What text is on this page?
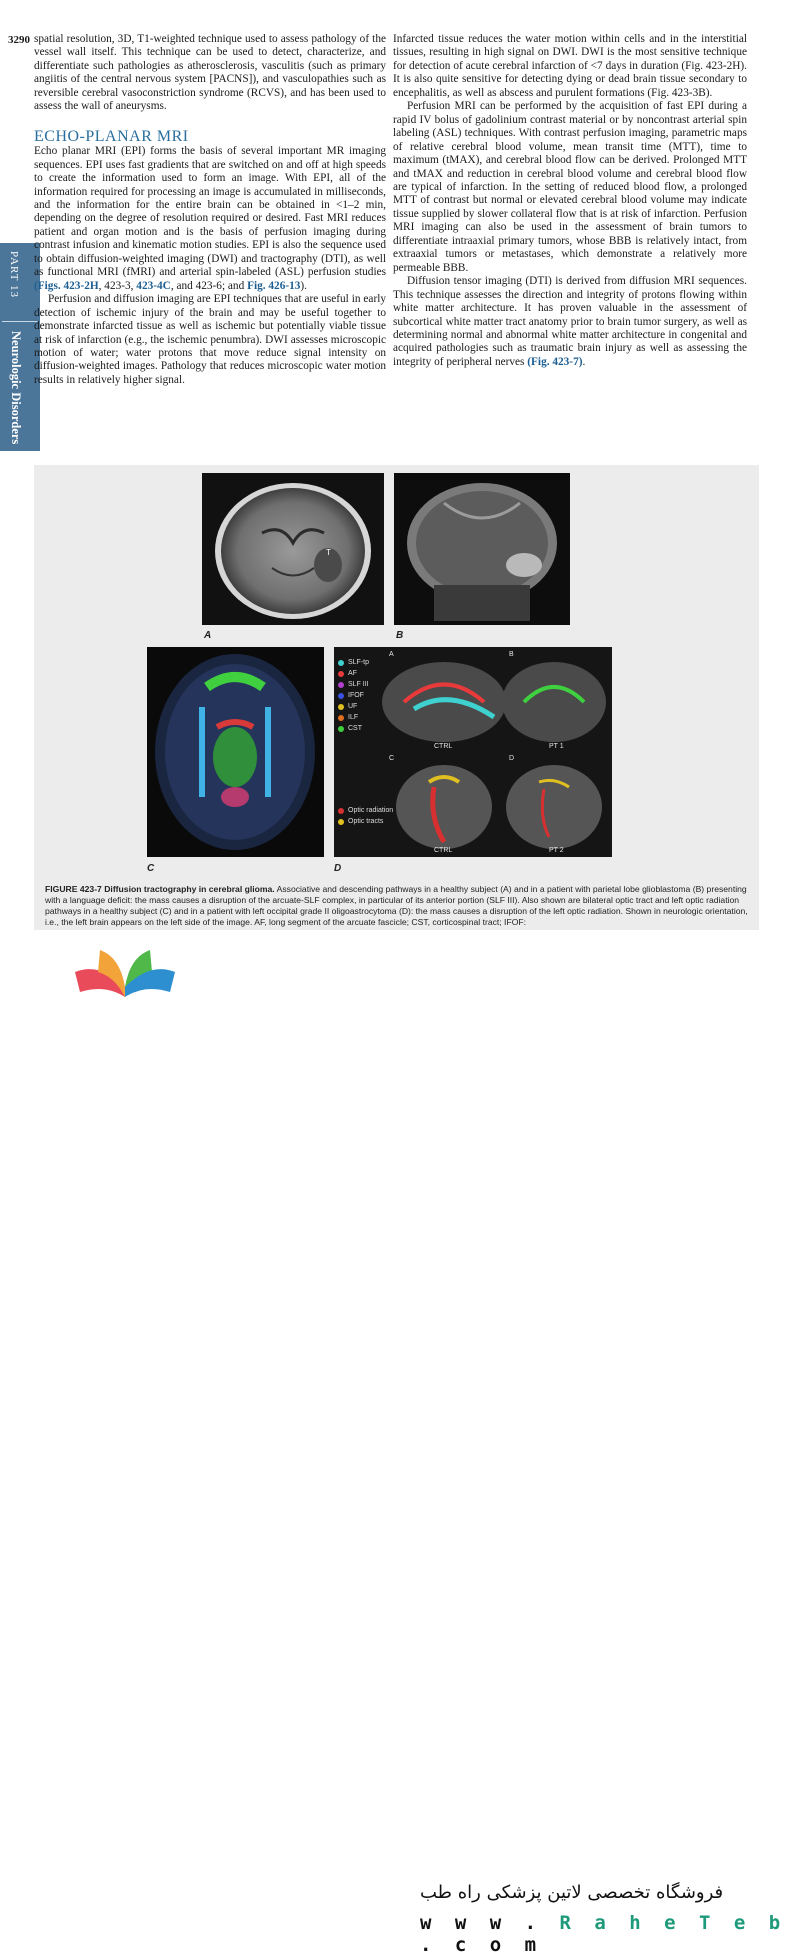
3290
PART 13
Neurologic Disorders

spatial resolution, 3D, T1-weighted technique used to assess pathology of the vessel wall itself. This technique can be used to detect, characterize, and differentiate such pathologies as atherosclerosis, vasculitis (such as primary angiitis of the central nervous system [PACNS]), and vasculopathies such as reversible cerebral vasoconstriction syndrome (RCVS), and has been used to assess the wall of aneurysms.

ECHO-PLANAR MRI

Echo planar MRI (EPI) forms the basis of several important MR imaging sequences. EPI uses fast gradients that are switched on and off at high speeds to create the information used to form an image. With EPI, all of the information required for processing an image is accumulated in milliseconds, and the information for the entire brain can be obtained in <1–2 min, depending on the degree of resolution required or desired. Fast MRI reduces patient and organ motion and is the basis of perfusion imaging during contrast infusion and kinematic motion studies. EPI is also the sequence used to obtain diffusion-weighted imaging (DWI) and tractography (DTI), as well as functional MRI (fMRI) and arterial spin-labeled (ASL) perfusion studies (Figs. 423-2H, 423-3, 423-4C, and 423-6; and Fig. 426-13).

Perfusion and diffusion imaging are EPI techniques that are useful in early detection of ischemic injury of the brain and may be useful together to demonstrate infarcted tissue as well as ischemic but potentially viable tissue at risk of infarction (e.g., the ischemic penumbra). DWI assesses microscopic motion of water; water protons that move reduce signal intensity on diffusion-weighted images. Pathology that reduces microscopic water motion results in relatively higher signal.

Infarcted tissue reduces the water motion within cells and in the interstitial tissues, resulting in high signal on DWI. DWI is the most sensitive technique for detection of acute cerebral infarction of <7 days in duration (Fig. 423-2H). It is also quite sensitive for detecting dying or dead brain tissue secondary to encephalitis, as well as abscess and purulent formations (Fig. 423-3B).

Perfusion MRI can be performed by the acquisition of fast EPI during a rapid IV bolus of gadolinium contrast material or by noncontrast arterial spin labeling (ASL) techniques. With contrast perfusion imaging, parametric maps of relative cerebral blood volume, mean transit time (MTT), time to maximum (tMAX), and cerebral blood flow can be derived. Prolonged MTT and tMAX and reduction in cerebral blood volume and cerebral blood flow are typical of infarction. In the setting of reduced blood flow, a prolonged MTT of contrast but normal or elevated cerebral blood volume may indicate tissue supplied by slower collateral flow that is at risk of infarction. Perfusion MRI imaging can also be used in the assessment of brain tumors to differentiate intraaxial primary tumors, whose BBB is relatively intact, from extraaxial tumors or metastases, which demonstrate a relatively more permeable BBB.

Diffusion tensor imaging (DTI) is derived from diffusion MRI sequences. This technique assesses the direction and integrity of protons flowing within white matter architecture. It has proven valuable in the assessment of subcortical white matter tract anatomy prior to brain tumor surgery, as well as determining normal and abnormal white matter architecture in congenital and acquired pathologies such as traumatic brain injury as well as assessing the integrity of peripheral nerves (Fig. 423-7).

T
A	B
C
SLF-tp
AF
SLF III
IFOF
UF
ILF
CST
Optic radiation
Optic tracts
A	B
C	D
CTRL	PT 1
CTRL	PT 2
D
FIGURE 423-7 Diffusion tractography in cerebral glioma. Associative and descending pathways in a healthy subject (A) and in a patient with parietal lobe glioblastoma (B) presenting with a language deficit: the mass causes a disruption of the arcuate-SLF complex, in particular of its anterior portion (SLF III). Also shown are bilateral optic tract and left optic radiation pathways in a healthy subject (C) and in a patient with left occipital grade II oligoastrocytoma (D): the mass causes a disruption of the left optic radiation. Shown in neurologic orientation, i.e., the left brain appears on the left side of the image. AF, long segment of the arcuate fascicle; CST, corticospinal tract; IFOF:
فروشگاه تخصصی لاتین پزشکی راه طب
w w w . R a h e T e b . c o m
